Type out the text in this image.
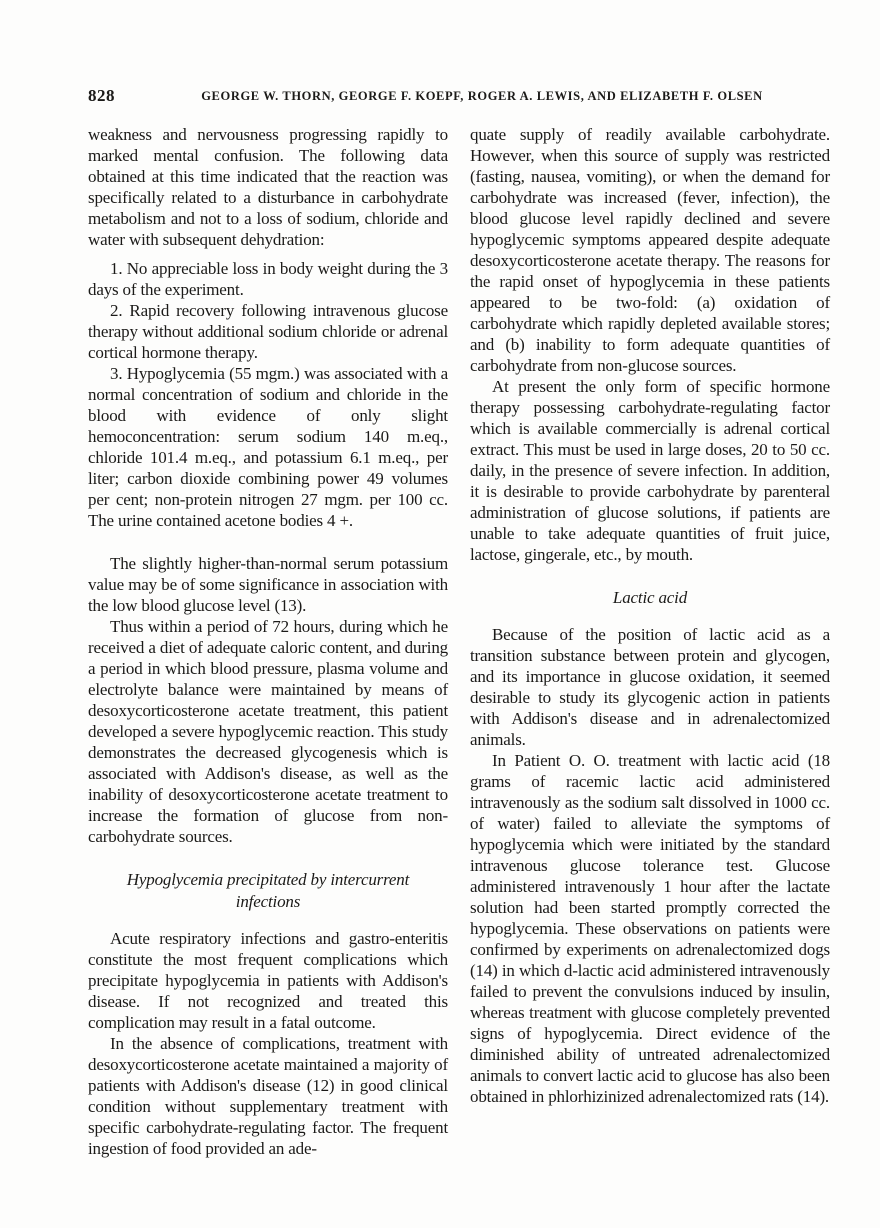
828	GEORGE W. THORN, GEORGE F. KOEPF, ROGER A. LEWIS, AND ELIZABETH F. OLSEN

weakness and nervousness progressing rapidly to marked mental confusion. The following data obtained at this time indicated that the reaction was specifically related to a disturbance in carbohydrate metabolism and not to a loss of sodium, chloride and water with subsequent dehydration:

1. No appreciable loss in body weight during the 3 days of the experiment.

2. Rapid recovery following intravenous glucose therapy without additional sodium chloride or adrenal cortical hormone therapy.

3. Hypoglycemia (55 mgm.) was associated with a normal concentration of sodium and chloride in the blood with evidence of only slight hemoconcentration: serum sodium 140 m.eq., chloride 101.4 m.eq., and potassium 6.1 m.eq., per liter; carbon dioxide combining power 49 volumes per cent; non-protein nitrogen 27 mgm. per 100 cc. The urine contained acetone bodies 4 +.

The slightly higher-than-normal serum potassium value may be of some significance in association with the low blood glucose level (13).

Thus within a period of 72 hours, during which he received a diet of adequate caloric content, and during a period in which blood pressure, plasma volume and electrolyte balance were maintained by means of desoxycorticosterone acetate treatment, this patient developed a severe hypoglycemic reaction. This study demonstrates the decreased glycogenesis which is associated with Addison's disease, as well as the inability of desoxycorticosterone acetate treatment to increase the formation of glucose from non-carbohydrate sources.

Hypoglycemia precipitated by intercurrent infections

Acute respiratory infections and gastro-enteritis constitute the most frequent complications which precipitate hypoglycemia in patients with Addison's disease. If not recognized and treated this complication may result in a fatal outcome.

In the absence of complications, treatment with desoxycorticosterone acetate maintained a majority of patients with Addison's disease (12) in good clinical condition without supplementary treatment with specific carbohydrate-regulating factor. The frequent ingestion of food provided an ade-

quate supply of readily available carbohydrate. However, when this source of supply was restricted (fasting, nausea, vomiting), or when the demand for carbohydrate was increased (fever, infection), the blood glucose level rapidly declined and severe hypoglycemic symptoms appeared despite adequate desoxycorticosterone acetate therapy. The reasons for the rapid onset of hypoglycemia in these patients appeared to be two-fold: (a) oxidation of carbohydrate which rapidly depleted available stores; and (b) inability to form adequate quantities of carbohydrate from non-glucose sources.

At present the only form of specific hormone therapy possessing carbohydrate-regulating factor which is available commercially is adrenal cortical extract. This must be used in large doses, 20 to 50 cc. daily, in the presence of severe infection. In addition, it is desirable to provide carbohydrate by parenteral administration of glucose solutions, if patients are unable to take adequate quantities of fruit juice, lactose, gingerale, etc., by mouth.

Lactic acid

Because of the position of lactic acid as a transition substance between protein and glycogen, and its importance in glucose oxidation, it seemed desirable to study its glycogenic action in patients with Addison's disease and in adrenalectomized animals.

In Patient O. O. treatment with lactic acid (18 grams of racemic lactic acid administered intravenously as the sodium salt dissolved in 1000 cc. of water) failed to alleviate the symptoms of hypoglycemia which were initiated by the standard intravenous glucose tolerance test. Glucose administered intravenously 1 hour after the lactate solution had been started promptly corrected the hypoglycemia. These observations on patients were confirmed by experiments on adrenalectomized dogs (14) in which d-lactic acid administered intravenously failed to prevent the convulsions induced by insulin, whereas treatment with glucose completely prevented signs of hypoglycemia. Direct evidence of the diminished ability of untreated adrenalectomized animals to convert lactic acid to glucose has also been obtained in phlorhizinized adrenalectomized rats (14).
